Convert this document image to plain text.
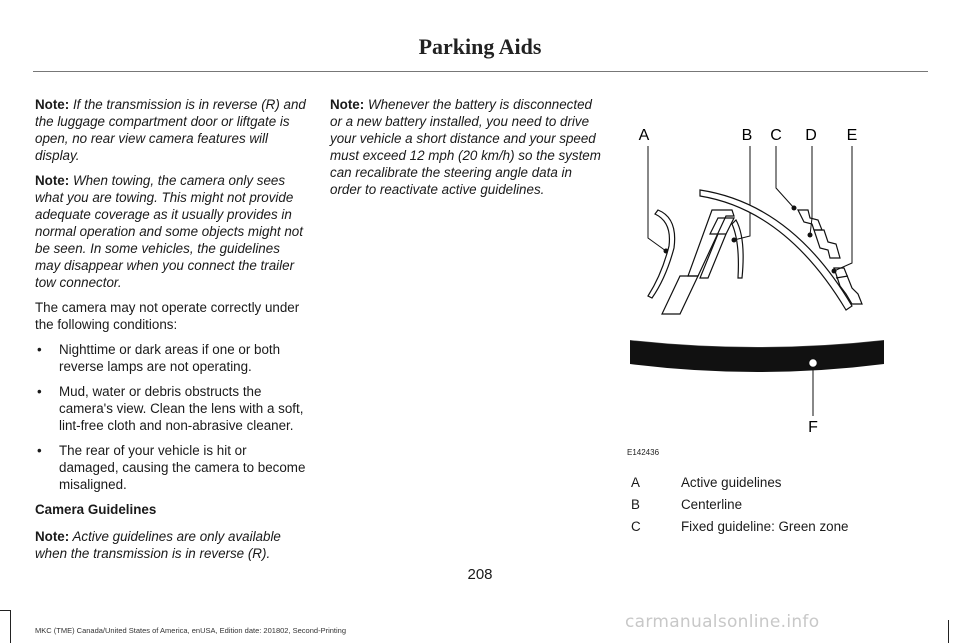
Parking Aids

Note: If the transmission is in reverse (R) and the luggage compartment door or liftgate is open, no rear view camera features will display.

Note: When towing, the camera only sees what you are towing. This might not provide adequate coverage as it usually provides in normal operation and some objects might not be seen. In some vehicles, the guidelines may disappear when you connect the trailer tow connector.

The camera may not operate correctly under the following conditions:

• Nighttime or dark areas if one or both reverse lamps are not operating.
• Mud, water or debris obstructs the camera's view. Clean the lens with a soft, lint-free cloth and non-abrasive cleaner.
• The rear of your vehicle is hit or damaged, causing the camera to become misaligned.
Camera Guidelines

Note: Active guidelines are only available when the transmission is in reverse (R).

Note: Whenever the battery is disconnected or a new battery installed, you need to drive your vehicle a short distance and your speed must exceed 12 mph (20 km/h) so the system can recalibrate the steering angle data in order to reactivate active guidelines.

A	B C D E
F
E142436
A	Active guidelines
B	Centerline
C	Fixed guideline: Green zone
208
MKC (TME) Canada/United States of America, enUSA, Edition date: 201802, Second-Printing	carmanualsonline.info
